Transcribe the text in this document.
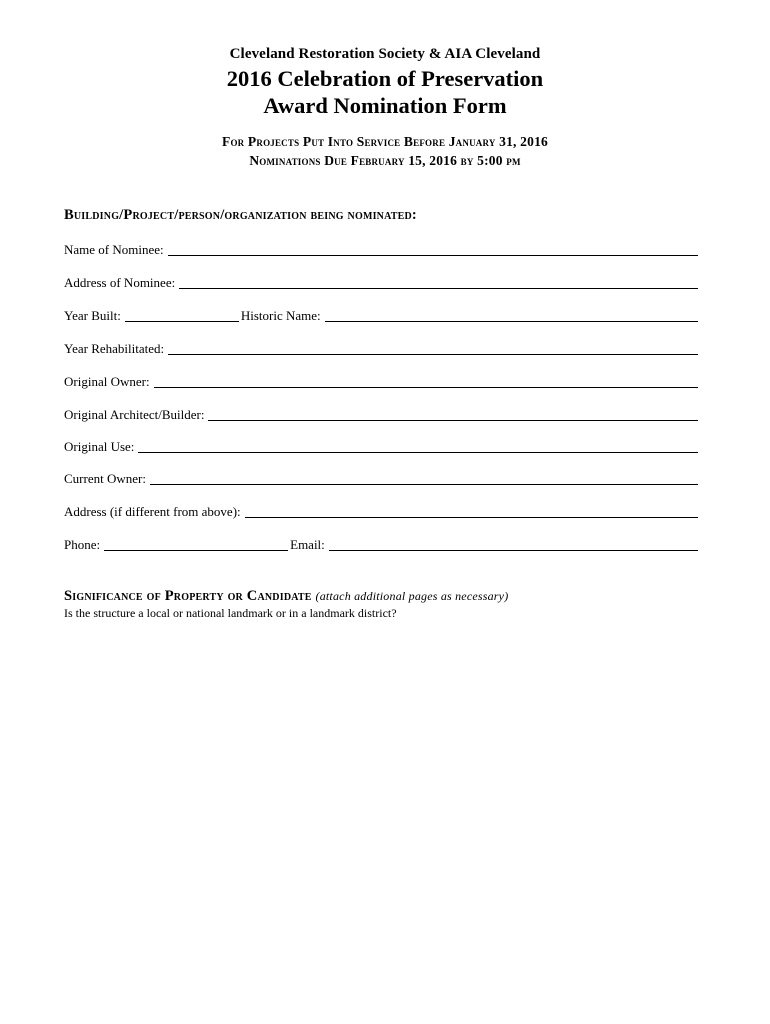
Cleveland Restoration Society & AIA Cleveland
2016 Celebration of Preservation
Award Nomination Form
For Projects Put Into Service Before January 31, 2016
Nominations Due February 15, 2016 by 5:00 pm
Building/Project/person/organization being nominated:
Name of Nominee:
Address of Nominee:
Year Built:	Historic Name:
Year Rehabilitated:
Original Owner:
Original Architect/Builder:
Original Use:
Current Owner:
Address (if different from above):
Phone:	Email:
Significance of Property or Candidate (attach additional pages as necessary)
Is the structure a local or national landmark or in a landmark district?
